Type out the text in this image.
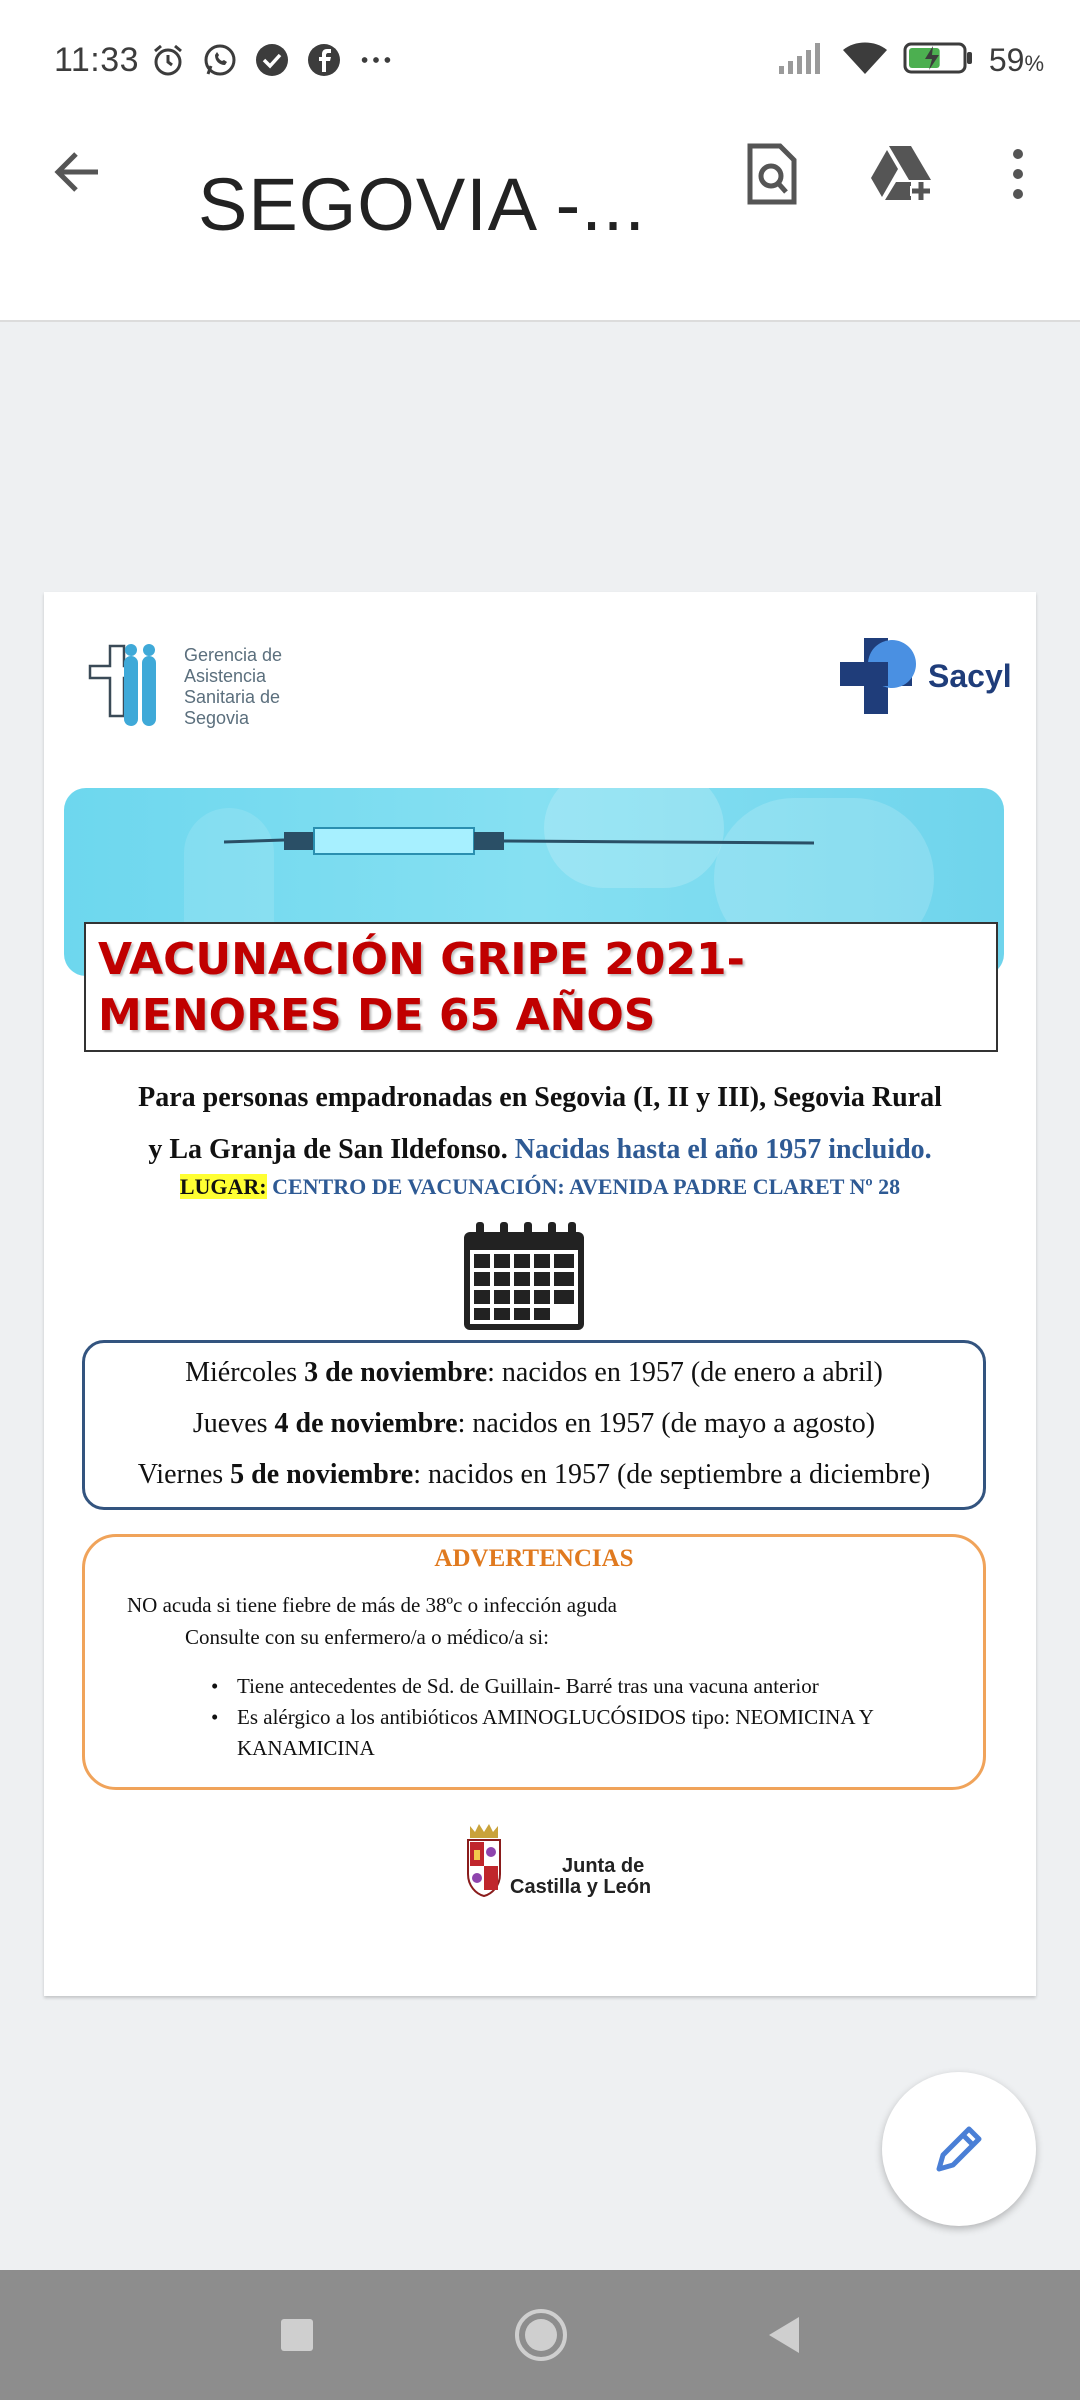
11:33	59%
SEGOVIA -...
Gerencia de
Asistencia
Sanitaria de
Segovia
Sacyl
VACUNACIÓN GRIPE 2021-
MENORES DE 65 AÑOS
Para personas empadronadas en Segovia (I, II y III), Segovia Rural
y La Granja de San Ildefonso. Nacidas hasta el año 1957 incluido.
LUGAR: CENTRO DE VACUNACIÓN: AVENIDA PADRE CLARET Nº 28
Miércoles 3 de noviembre: nacidos en 1957 (de enero a abril)
Jueves 4 de noviembre: nacidos en 1957 (de mayo a agosto)
Viernes 5 de noviembre: nacidos en 1957 (de septiembre a diciembre)
ADVERTENCIAS
NO acuda si tiene fiebre de más de 38ºc o infección aguda
Consulte con su enfermero/a o médico/a si:
• Tiene antecedentes de Sd. de Guillain- Barré tras una vacuna anterior
• Es alérgico a los antibióticos AMINOGLUCÓSIDOS tipo: NEOMICINA Y KANAMICINA
Junta de
Castilla y León
